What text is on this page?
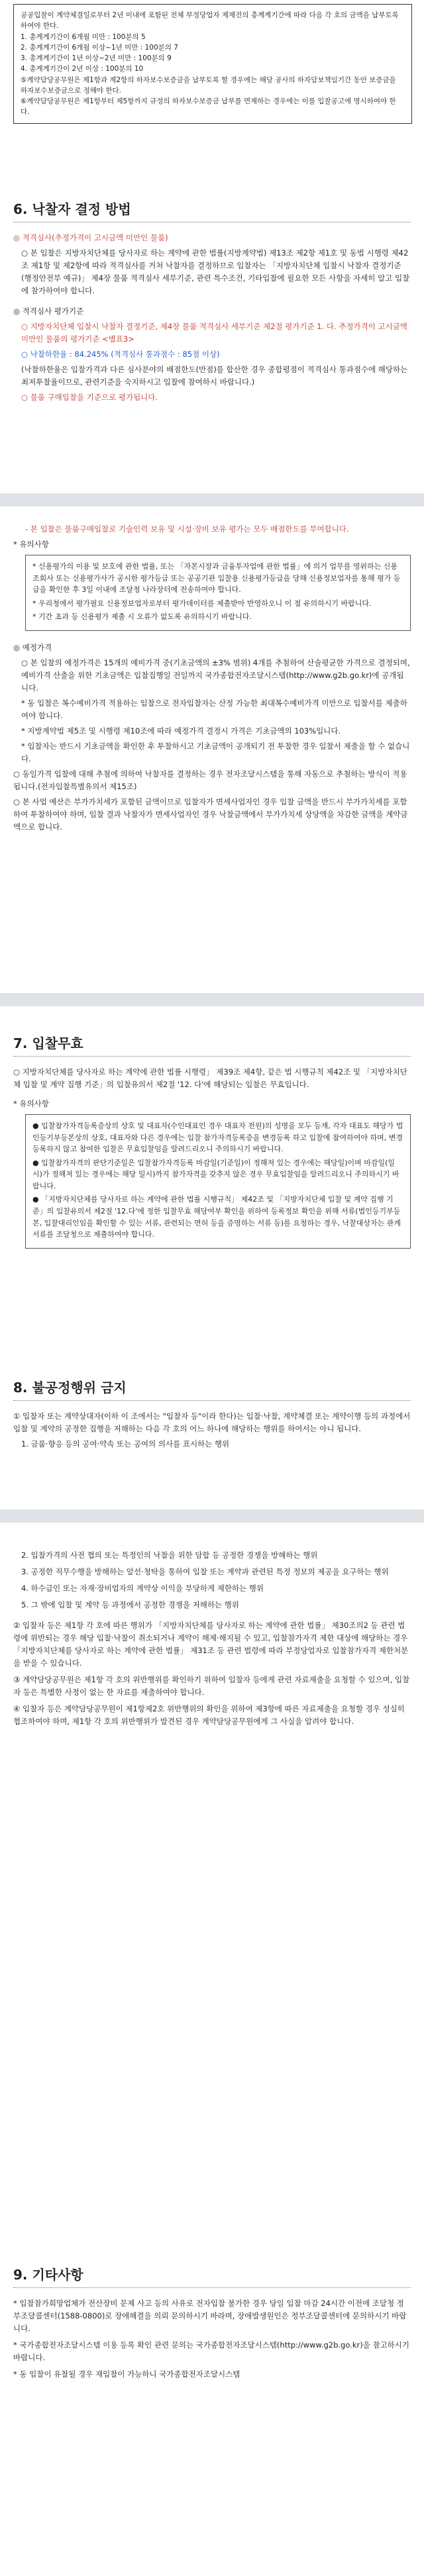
공공입찰이 계약체결일로부터 2년 이내에 포함된 전체 부정당업자 제재건의 총계계기간에 따라 다음 각 호의 금액을 납부토록 하여야 한다.

1. 총계계기간이 6개월 미만 : 100분의 5

2. 총계계기간이 6개월 이상~1년 미만 : 100분의 7

3. 총계계기간이 1년 이상~2년 미만 : 100분의 9

4. 총계계기간이 2년 이상 : 100분의 10

⑤계약담당공무원은 제1항과 제2항의 하자보수보증금을 납부토록 할 경우에는 해당 공사의 하자담보책임기간 동안 보증금을 하자보수보증금으로 정해야 한다.

⑥계약담당공무원은 제1항부터 제5항까지 규정의 하자보수보증금 납부를 면제하는 경우에는 이를 입찰공고에 명시하여야 한다.

6. 낙찰자 결정 방법

◎ 적격심사(추정가격이 고시금액 미만인 물품)

○ 본 입찰은 지방자치단체를 당사자로 하는 계약에 관한 법률(지방계약법) 제13조 제2항 제1호 및 동법 시행령 제42조 제1항 및 제2항에 따라 적격심사를 거쳐 낙찰자를 결정하므로 입찰자는 「지방자치단체 입찰시 낙찰자 결정기준(행정안전부 예규)」 제4장 물품 적격심사 세부기준, 관련 특수조건, 기타입찰에 필요한 모든 사항을 자세히 알고 입찰에 참가하여야 합니다.

◎ 적격심사 평가기준

○ 지방자치단체 입찰시 낙찰자 결정기준, 제4장 물품 적격심사 세부기준 제2절 평가기준 1. 다. 추정가격이 고시금액 미만인 물품의 평가기준 <별표3>

○ 낙찰하한율 : 84.245% (적격심사 통과점수 : 85점 이상)

(낙찰하한율은 입찰가격과 다른 심사분야의 배점한도(만점)를 합산한 경우 종합평점이 적격심사 통과점수에 해당하는 최저투찰율이므로, 관련기준을 숙지하시고 입찰에 참여하시 바랍니다.)

○ 물품 구매입찰을 기준으로 평가됩니다.

- 본 입찰은 물품구매입찰로 기술인력 보유 및 시설·장비 보유 평가는 모두 배점한도를 부여합니다.

* 유의사항

* 신용평가의 이용 및 보호에 관한 법률, 또는 「자본시장과 금융투자업에 관한 법률」에 의거 업무를 영위하는 신용조회사 또는 신용평가사가 공시한 평가등급 또는 공공기관 입찰용 신용평가등급을 당해 신용정보업자를 통해 평가 등급을 확인한 후 3일 이내에 조달청 나라장터에 전송하여야 합니다.

* 우리청에서 평가필요 신용정보업자로부터 평가데이터를 제출받아 반영하오니 이 점 유의하시기 바랍니다.

* 기간 초과 등 신용평가 제출 시 오류가 없도록 유의하시기 바랍니다.

◎ 예정가격

○ 본 입찰의 예정가격은 15개의 예비가격 중(기초금액의 ±3% 범위) 4개를 추첨하여 산술평균한 가격으로 결정되며, 예비가격 산출을 위한 기초금액은 입찰집행일 전일까지 국가종합전자조달시스템(http://www.g2b.go.kr)에 공개됩니다.

* 동 입찰은 복수예비가격 적용하는 입찰으로 전자입찰자는 산정 가능한 최대복수예비가격 미만으로 입찰서를 제출하여야 합니다.

* 지방계약법 제5조 및 시행령 제10조에 따라 예정가격 결정시 가격은 기초금액의 103%입니다.

* 입찰자는 반드시 기초금액을 확인한 후 투찰하시고 기초금액이 공개되기 전 투찰한 경우 입찰서 제출을 할 수 없습니다.

○ 동일가격 입찰에 대해 추첨에 의하여 낙찰자를 결정하는 경우 전자조달시스템을 통해 자동으로 추첨하는 방식이 적용됩니다.(전자입찰특별유의서 제15조)

○ 본 사업 예산은 부가가치세가 포함된 금액이므로 입찰자가 면세사업자인 경우 입찰 금액을 반드시 부가가치세를 포함하여 투찰하여야 하며, 입찰 결과 낙찰자가 면세사업자인 경우 낙찰금액에서 부가가치세 상당액을 차감한 금액을 계약금액으로 합니다.

7. 입찰무효

○ 지방자치단체를 당사자로 하는 계약에 관한 법률 시행령」 제39조 제4항, 같은 법 시행규칙 제42조 및 「지방자치단체 입찰 및 계약 집행 기준」의 입찰유의서 제2절 '12. 다'에 해당되는 입찰은 무효입니다.

* 유의사항

● 입찰참가자격등록증상의 상호 및 대표자(수인대표인 경우 대표자 전원)의 성명을 모두 등재, 각자 대표도 해당가 법인등기부등본상의 상호, 대표자와 다른 경우에는 입찰 참가자격등록증을 변경등록 하고 입찰에 참여하여야 하며, 변경등록하지 않고 참여한 입찰은 무효입찰임을 알려드리오니 주의하시기 바랍니다.

● 입찰참가자격의 판단기준일은 입찰참가자격등록 마감일(기준일)이 정해져 있는 경우에는 해당일)이며 마감일(일시)가 정해져 있는 경우에는 해당 일시)까지 참가자격을 갖추지 않은 경우 무효입찰임을 알려드리오니 주의하시기 바랍니다.

● 「지방자치단체를 당사자로 하는 계약에 관한 법률 시행규칙」 제42조 및 「지방자치단체 입찰 및 계약 집행 기준」의 입찰유의서 제2절 '12.다'에 정한 입찰무효 해당여부 확인을 위하여 등록정보 확인을 위해 서류(법인등기부등본, 입찰대리인임을 확인할 수 있는 서류, 관련되는 면허 등을 증명하는 서류 등)를 요청하는 경우, 낙찰대상자는 관계서류를 조달청으로 제출하여야 합니다.

8. 불공정행위 금지

① 입찰자 또는 계약상대자(이하 이 조에서는 "입찰자 등"이라 한다)는 입찰·낙찰, 계약체결 또는 계약이행 등의 과정에서 입찰 및 계약의 공정한 집행을 저해하는 다음 각 호의 어느 하나에 해당하는 행위를 하여서는 아니 됩니다.

1. 금품·향응 등의 공여·약속 또는 공여의 의사를 표시하는 행위

2. 입찰가격의 사전 협의 또는 특정인의 낙찰을 위한 담합 등 공정한 경쟁을 방해하는 행위

3. 공정한 직무수행을 방해하는 알선·청탁을 통하여 입찰 또는 계약과 관련된 특정 정보의 제공을 요구하는 행위

4. 하수급인 또는 자재·장비업자의 계약상 이익을 부당하게 제한하는 행위

5. 그 밖에 입찰 및 계약 등 과정에서 공정한 경쟁을 저해하는 행위

② 입찰자 등은 제1항 각 호에 따른 행위가 「지방자치단체를 당사자로 하는 계약에 관한 법률」 제30조의2 등 관련 법령에 위반되는 경우 해당 입찰·낙찰이 취소되거나 계약이 해제·해지될 수 있고, 입찰참가자격 제한 대상에 해당하는 경우 「지방자치단체를 당사자로 하는 계약에 관한 법률」 제31조 등 관련 법령에 따라 부정당업자로 입찰참가자격 제한처분을 받을 수 있습니다.

③ 계약담당공무원은 제1항 각 호의 위반행위를 확인하기 위하여 입찰자 등에게 관련 자료제출을 요청할 수 있으며, 입찰자 등은 특별한 사정이 없는 한 자료를 제출하여야 합니다.

④ 입찰자 등은 계약담당공무원이 제1항제2호 위반행위의 확인을 위하여 제3항에 따른 자료제출을 요청할 경우 성실히 협조하여야 하며, 제1항 각 호의 위반행위가 발견된 경우 계약담당공무원에게 그 사실을 알려야 합니다.

9. 기타사항

* 입찰참가희망업체가 전산장비 문제 사고 등의 사유로 전자입찰 불가한 경우 당일 입찰 마감 24시간 이전에 조달청 정부조달콜센터(1588-0800)로 장애해결을 의뢰 문의하시기 바라며, 장애발생원인은 정부조달콜센터에 문의하시기 바랍니다.

* 국가종합전자조달시스템 이용 등록 확인 관련 문의는 국가종합전자조달시스템(http://www.g2b.go.kr)을 참고하시기 바랍니다.

* 동 입찰이 유찰될 경우 재입찰이 가능하니 국가종합전자조달시스템
